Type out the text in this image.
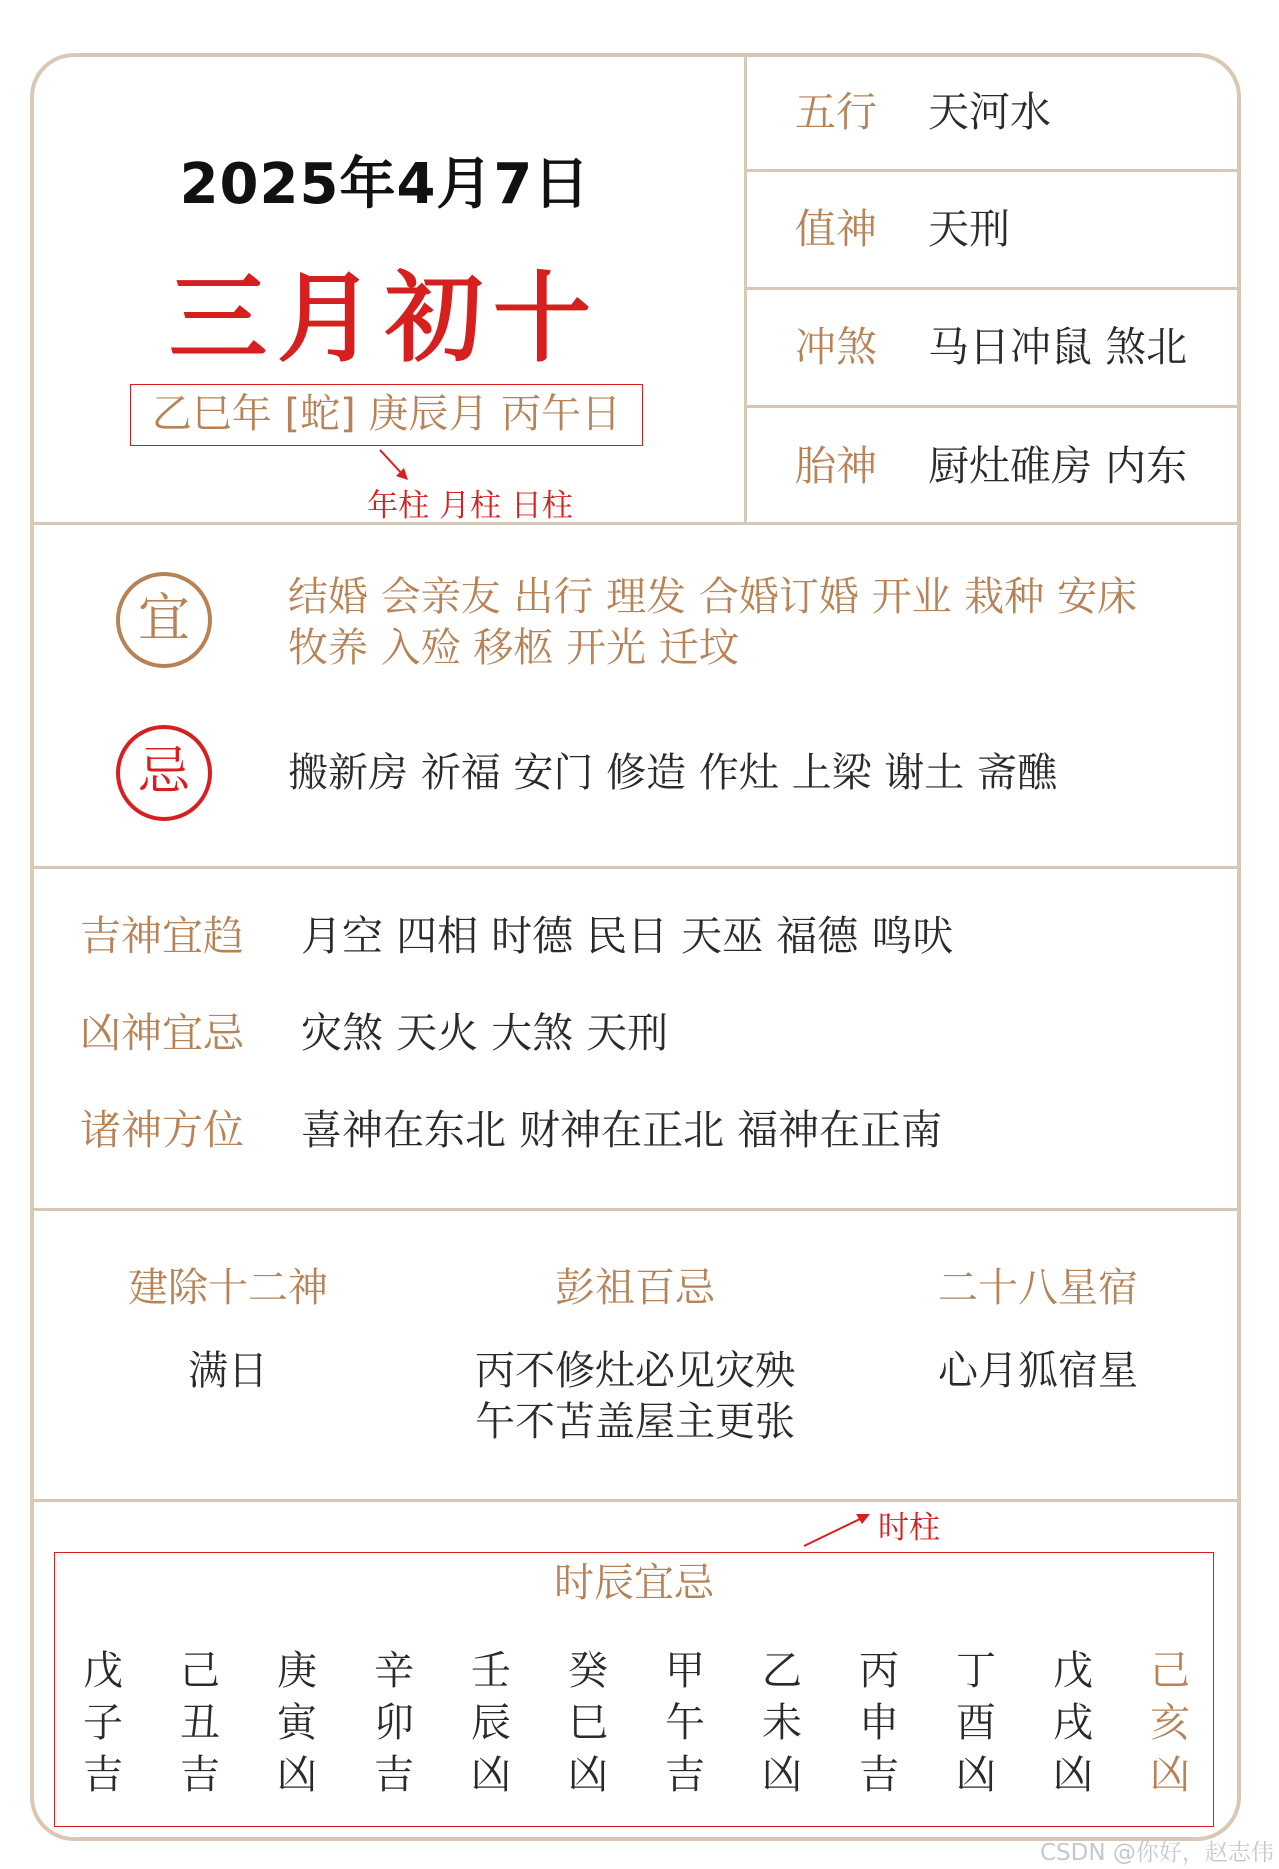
2025年4月7日
三月初十
乙巳年 [蛇] 庚辰月 丙午日
年柱 月柱 日柱
五行 天河水
值神 天刑
冲煞 马日冲鼠 煞北
胎神 厨灶碓房 内东
宜	结婚 会亲友 出行 理发 合婚订婚 开业 栽种 安床
牧养 入殓 移柩 开光 迁坟
忌	搬新房 祈福 安门 修造 作灶 上梁 谢土 斋醮
吉神宜趋 月空 四相 时德 民日 天巫 福德 鸣吠
凶神宜忌 灾煞 天火 大煞 天刑
诸神方位 喜神在东北 财神在正北 福神在正南
建除十二神
满日
彭祖百忌
丙不修灶必见灾殃
午不苫盖屋主更张
二十八星宿
心月狐宿星
时柱
时辰宜忌
戊
子
吉
己
丑
吉
庚
寅
凶
辛
卯
吉
壬
辰
凶
癸
巳
凶
甲
午
吉
乙
未
凶
丙
申
吉
丁
酉
凶
戊
戌
凶
己
亥
凶
CSDN @你好，赵志伟
